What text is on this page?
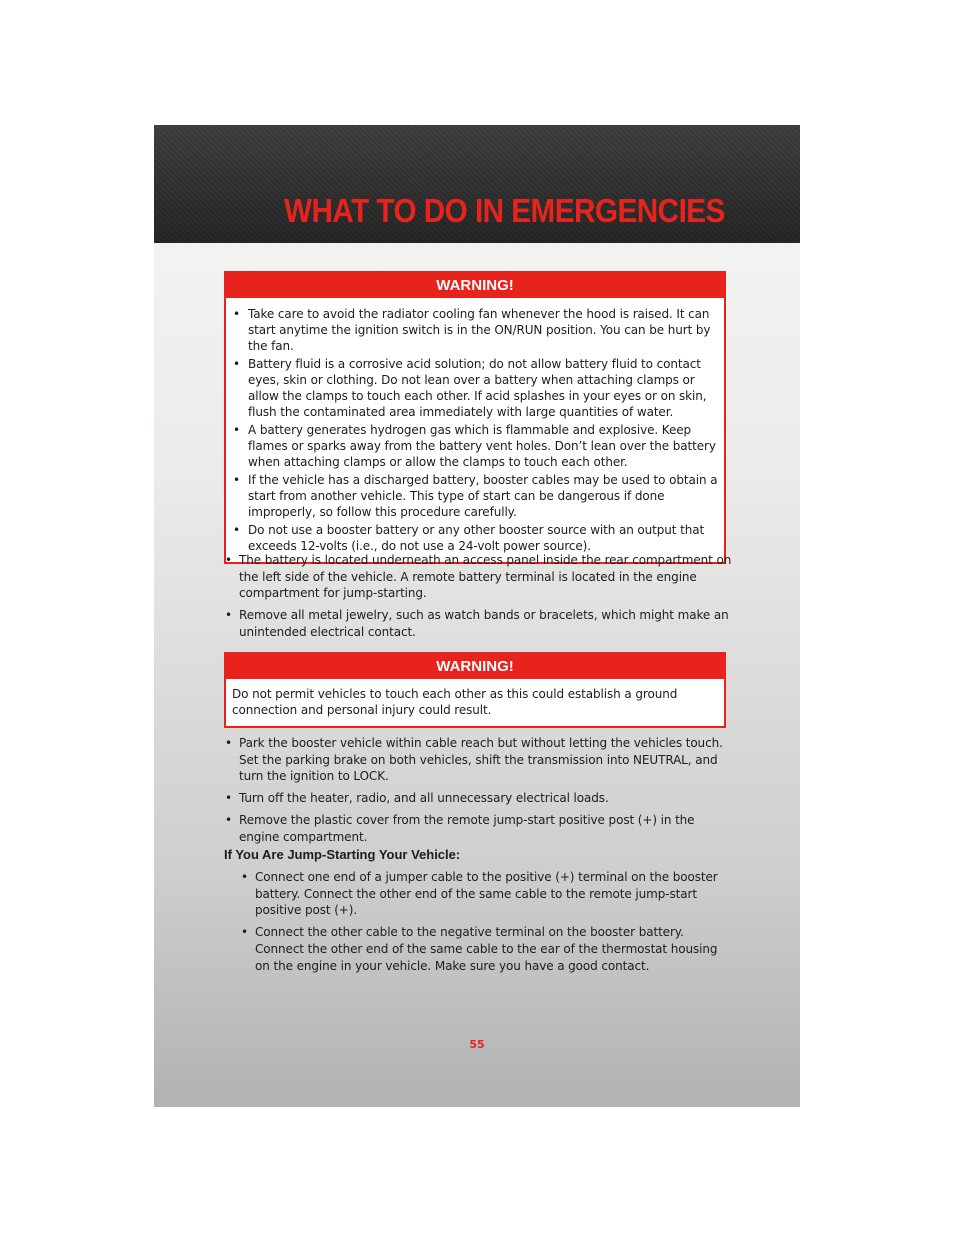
WHAT TO DO IN EMERGENCIES
WARNING!
• Take care to avoid the radiator cooling fan whenever the hood is raised. It can start anytime the ignition switch is in the ON/RUN position. You can be hurt by the fan.
• Battery fluid is a corrosive acid solution; do not allow battery fluid to contact eyes, skin or clothing. Do not lean over a battery when attaching clamps or allow the clamps to touch each other. If acid splashes in your eyes or on skin, flush the contaminated area immediately with large quantities of water.
• A battery generates hydrogen gas which is flammable and explosive. Keep flames or sparks away from the battery vent holes. Don’t lean over the battery when attaching clamps or allow the clamps to touch each other.
• If the vehicle has a discharged battery, booster cables may be used to obtain a start from another vehicle. This type of start can be dangerous if done improperly, so follow this procedure carefully.
• Do not use a booster battery or any other booster source with an output that exceeds 12-volts (i.e., do not use a 24-volt power source).
• The battery is located underneath an access panel inside the rear compartment on the left side of the vehicle. A remote battery terminal is located in the engine compartment for jump-starting.
• Remove all metal jewelry, such as watch bands or bracelets, which might make an unintended electrical contact.
WARNING!

Do not permit vehicles to touch each other as this could establish a ground connection and personal injury could result.

• Park the booster vehicle within cable reach but without letting the vehicles touch. Set the parking brake on both vehicles, shift the transmission into NEUTRAL, and turn the ignition to LOCK.
• Turn off the heater, radio, and all unnecessary electrical loads.
• Remove the plastic cover from the remote jump-start positive post (+) in the engine compartment.
If You Are Jump-Starting Your Vehicle:
• Connect one end of a jumper cable to the positive (+) terminal on the booster battery. Connect the other end of the same cable to the remote jump-start positive post (+).
• Connect the other cable to the negative terminal on the booster battery. Connect the other end of the same cable to the ear of the thermostat housing on the engine in your vehicle. Make sure you have a good contact.
55
